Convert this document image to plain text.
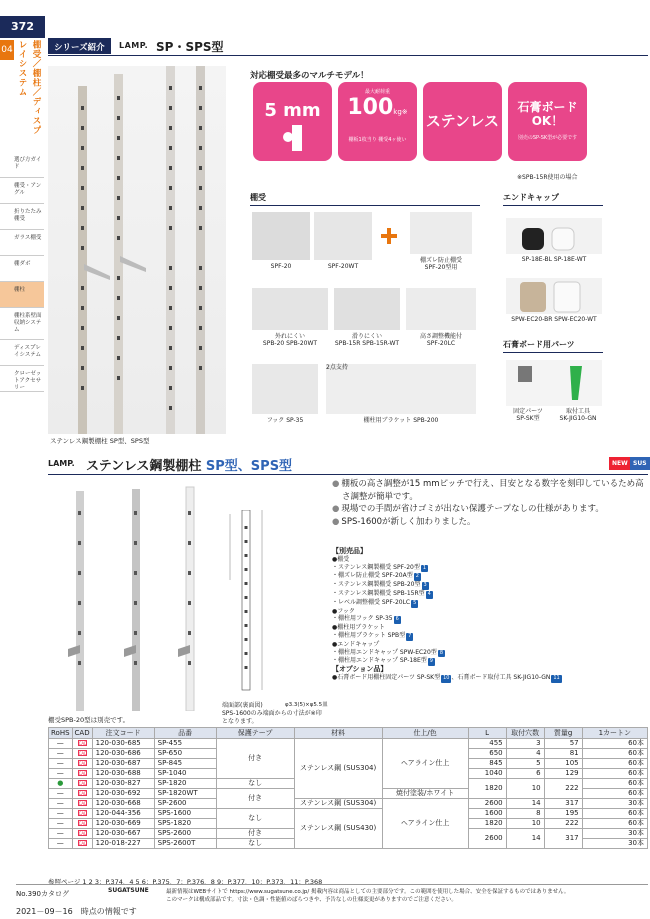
372
04	棚受／棚柱／ディスプレイシステム
選び方ガイド
棚受・アングル
折りたたみ棚受
ガラス棚受
棚ダボ
棚柱
棚柱系壁面収納システム
ディスプレイシステム
クローゼットアクセサリー
シリーズ紹介	LAMP. SP・SPS型
ステンレス鋼製棚柱 SP型、SPS型
対応棚受最多のマルチモデル！
5 mm
最大耐荷重
100kg※
棚板1枚当り 棚受4ヶ使い
ステンレス
石膏ボード OK！
別売のSP-SK型が必要です
※SPB-15R使用の場合
棚受
SPF-20	SPF-20WT
棚ズレ防止棚受
SPF-20型用
外れにくい
SPB-20 SPB-20WT
滑りにくい
SPB-15R SPB-15R-WT
高さ調整機能付
SPF-20LC
フック SP-35
2点支持
棚柱用ブラケット SPB-200
エンドキャップ
SP-18E-BL SP-18E-WT
SPW-EC20-BR SPW-EC20-WT
石膏ボード用パーツ
固定パーツ
SP-SK型
取付工具
SK-JIG10-GN
LAMP. ステンレス鋼製棚柱 SP型、SPS型	NEW SUS
棚受SPB-20型は別売です。
端面部(裏面図)
SPS-1600のみ端面からの寸法が※印となります。
φ3.3(5)×φ5.5皿
● 棚板の高さ調整が15 mmピッチで行え、目安となる数字を刻印しているため高さ調整が簡単です。
● 現場での手間が省けゴミが出ない保護テープなしの仕様があります。
● SPS-1600が新しく加わりました。
【別売品】
●棚受
・ステンレス鋼製棚受 SPF-20型 1
・棚ズレ防止棚受 SPF-20A型 2
・ステンレス鋼製棚受 SPB-20型 3
・ステンレス鋼製棚受 SPB-15R型 4
・レベル調整棚受 SPF-20LC 5
●フック
・棚柱用フック SP-35 6
●棚柱用ブラケット
・棚柱用ブラケット SPB型 7
●エンドキャップ
・棚柱用エンドキャップ SPW-EC20型 8
・棚柱用エンドキャップ SP-18E型 9
【オプション品】
●石膏ボード用棚柱固定パーツ SP-SK型 10 、石膏ボード取付工具 SK-JIG10-GN 11
RoHS	CAD	注文コード	品番	保護テープ	材料	仕上/色	L	取付穴数	質量g	1カートン
—	CAD	120-030-685	SP-455	付き	ステンレス鋼 (SUS304)	ヘアライン仕上	455	3	57	60本
—	CAD	120-030-686	SP-650				650	4	81	60本
—	CAD	120-030-687	SP-845				845	5	105	60本
—	CAD	120-030-688	SP-1040				1040	6	129	60本
●	CAD	120-030-827	SP-1820	なし			1820	10	222	60本
—	CAD	120-030-692	SP-1820WT	付き		焼付塗装/ホワイト				60本
—	CAD	120-030-668	SP-2600		ステンレス鋼 (SUS304)	ヘアライン仕上	2600	14	317	30本
—	CAD	120-044-356	SPS-1600	なし	ステンレス鋼 (SUS430)		1600	8	195	60本
—	CAD	120-030-669	SPS-1820				1820	10	222	60本
—	CAD	120-030-667	SPS-2600	付き			2600	14	317	30本
—	CAD	120-018-227	SPS-2600T	なし						30本
参照ページ 1 2 3：P.374、4 5 6：P.375、7：P.376、8 9：P.377、10：P.373、11：P.368
No.390カタログ	SUGATSUNE	最新情報はWEBサイトで https://www.sugatsune.co.jp/ 掲載内容は商品としての主要部分です。この範囲を使用した場合、安全を保証するものではありません。
このマークは構成部品です。寸法・色調・性能値のばらつきや、予告なしの仕様変更がありますのでご注意ください。
2021－09－16　時点の情報です
